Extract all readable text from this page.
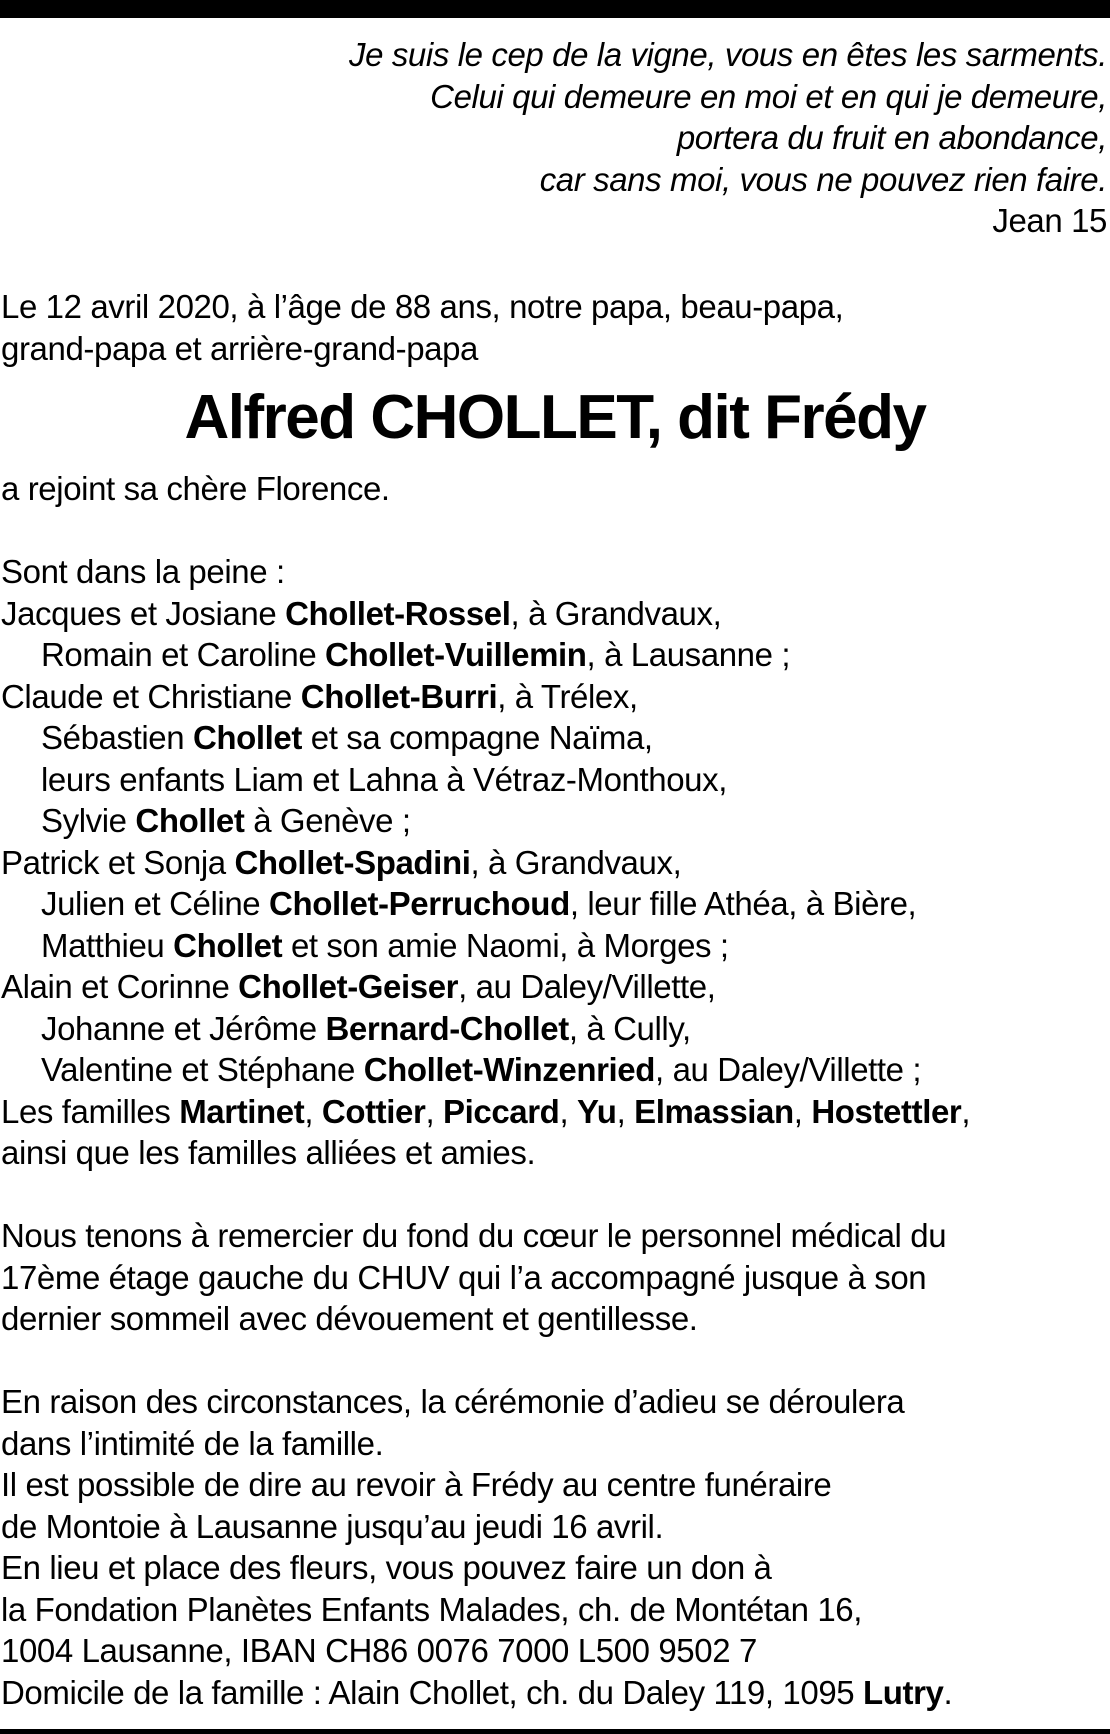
Je suis le cep de la vigne, vous en êtes les sarments.
Celui qui demeure en moi et en qui je demeure,
portera du fruit en abondance,
car sans moi, vous ne pouvez rien faire.
Jean 15
Le 12 avril 2020, à l’âge de 88 ans, notre papa, beau-papa,
grand-papa et arrière-grand-papa
Alfred CHOLLET, dit Frédy
a rejoint sa chère Florence.
Sont dans la peine :
Jacques et Josiane Chollet-Rossel, à Grandvaux,
Romain et Caroline Chollet-Vuillemin, à Lausanne ;
Claude et Christiane Chollet-Burri, à Trélex,
Sébastien Chollet et sa compagne Naïma,
leurs enfants Liam et Lahna à Vétraz-Monthoux,
Sylvie Chollet à Genève ;
Patrick et Sonja Chollet-Spadini, à Grandvaux,
Julien et Céline Chollet-Perruchoud, leur fille Athéa, à Bière,
Matthieu Chollet et son amie Naomi, à Morges ;
Alain et Corinne Chollet-Geiser, au Daley/Villette,
Johanne et Jérôme Bernard-Chollet, à Cully,
Valentine et Stéphane Chollet-Winzenried, au Daley/Villette ;
Les familles Martinet, Cottier, Piccard, Yu, Elmassian, Hostettler,
ainsi que les familles alliées et amies.
Nous tenons à remercier du fond du cœur le personnel médical du
17ème étage gauche du CHUV qui l’a accompagné jusque à son
dernier sommeil avec dévouement et gentillesse.
En raison des circonstances, la cérémonie d’adieu se déroulera
dans l’intimité de la famille.
Il est possible de dire au revoir à Frédy au centre funéraire
de Montoie à Lausanne jusqu’au jeudi 16 avril.
En lieu et place des fleurs, vous pouvez faire un don à
la Fondation Planètes Enfants Malades, ch. de Montétan 16,
1004 Lausanne, IBAN CH86 0076 7000 L500 9502 7
Domicile de la famille : Alain Chollet, ch. du Daley 119, 1095 Lutry.
